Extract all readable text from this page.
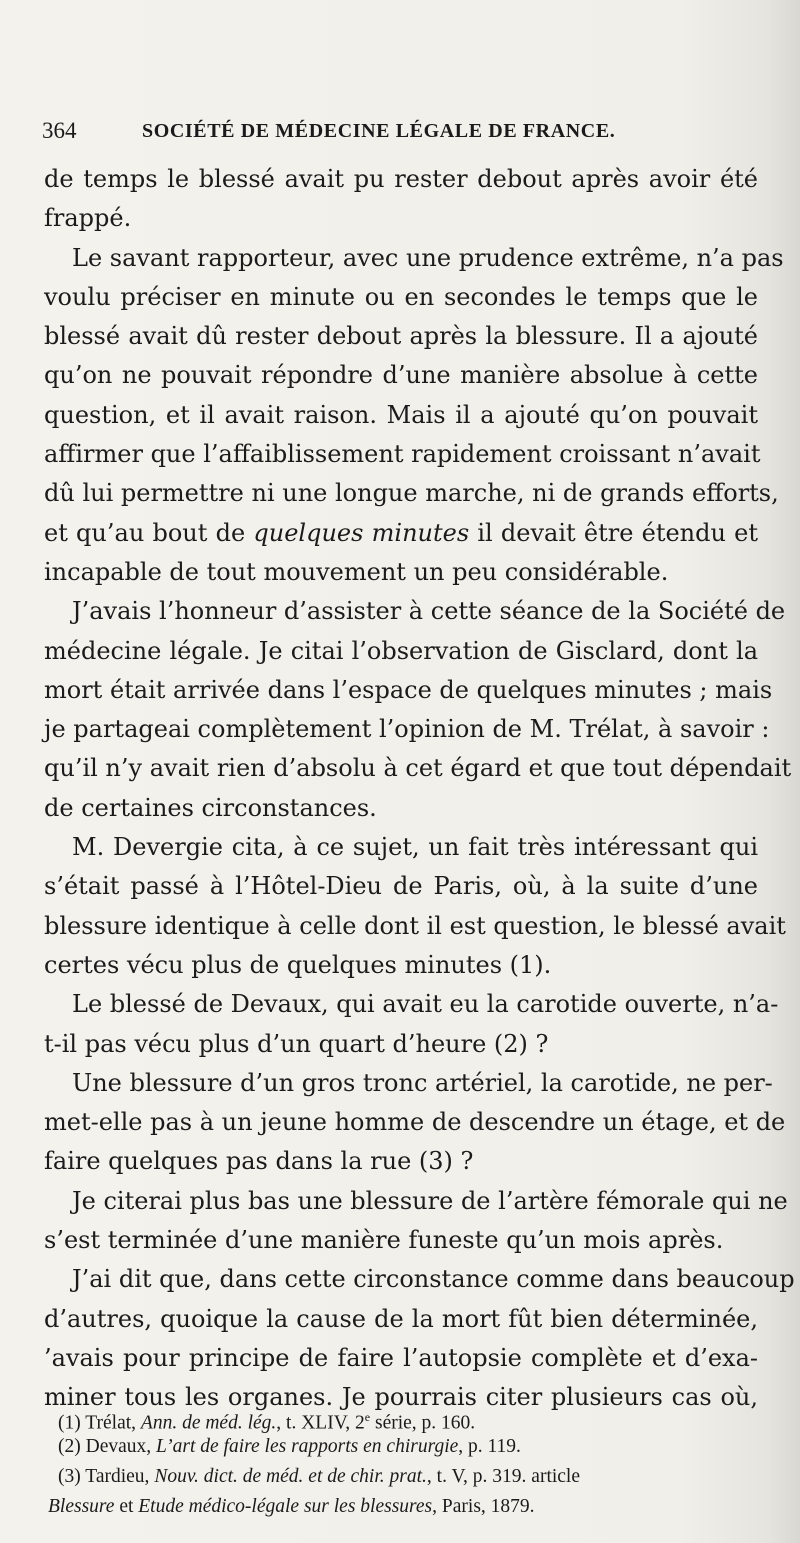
364	SOCIÉTÉ DE MÉDECINE LÉGALE DE FRANCE.
de temps le blessé avait pu rester debout après avoir été
frappé.
Le savant rapporteur, avec une prudence extrême, n’a pas
voulu préciser en minute ou en secondes le temps que le
blessé avait dû rester debout après la blessure. Il a ajouté
qu’on ne pouvait répondre d’une manière absolue à cette
question, et il avait raison. Mais il a ajouté qu’on pouvait
affirmer que l’affaiblissement rapidement croissant n’avait
dû lui permettre ni une longue marche, ni de grands efforts,
et qu’au bout de quelques minutes il devait être étendu et
incapable de tout mouvement un peu considérable.
J’avais l’honneur d’assister à cette séance de la Société de
médecine légale. Je citai l’observation de Gisclard, dont la
mort était arrivée dans l’espace de quelques minutes ; mais
je partageai complètement l’opinion de M. Trélat, à savoir :
qu’il n’y avait rien d’absolu à cet égard et que tout dépendait
de certaines circonstances.
M. Devergie cita, à ce sujet, un fait très intéressant qui
s’était passé à l’Hôtel-Dieu de Paris, où, à la suite d’une
blessure identique à celle dont il est question, le blessé avait
certes vécu plus de quelques minutes (1).
Le blessé de Devaux, qui avait eu la carotide ouverte, n’a-
t-il pas vécu plus d’un quart d’heure (2) ?
Une blessure d’un gros tronc artériel, la carotide, ne per-
met-elle pas à un jeune homme de descendre un étage, et de
faire quelques pas dans la rue (3) ?
Je citerai plus bas une blessure de l’artère fémorale qui ne
s’est terminée d’une manière funeste qu’un mois après.
J’ai dit que, dans cette circonstance comme dans beaucoup
d’autres, quoique la cause de la mort fût bien déterminée,
’avais pour principe de faire l’autopsie complète et d’exa-
miner tous les organes. Je pourrais citer plusieurs cas où,
(1) Trélat, Ann. de méd. lég., t. XLIV, 2e série, p. 160.
(2) Devaux, L’art de faire les rapports en chirurgie, p. 119.
(3) Tardieu, Nouv. dict. de méd. et de chir. prat., t. V, p. 319. article
Blessure et Etude médico-légale sur les blessures, Paris, 1879.
